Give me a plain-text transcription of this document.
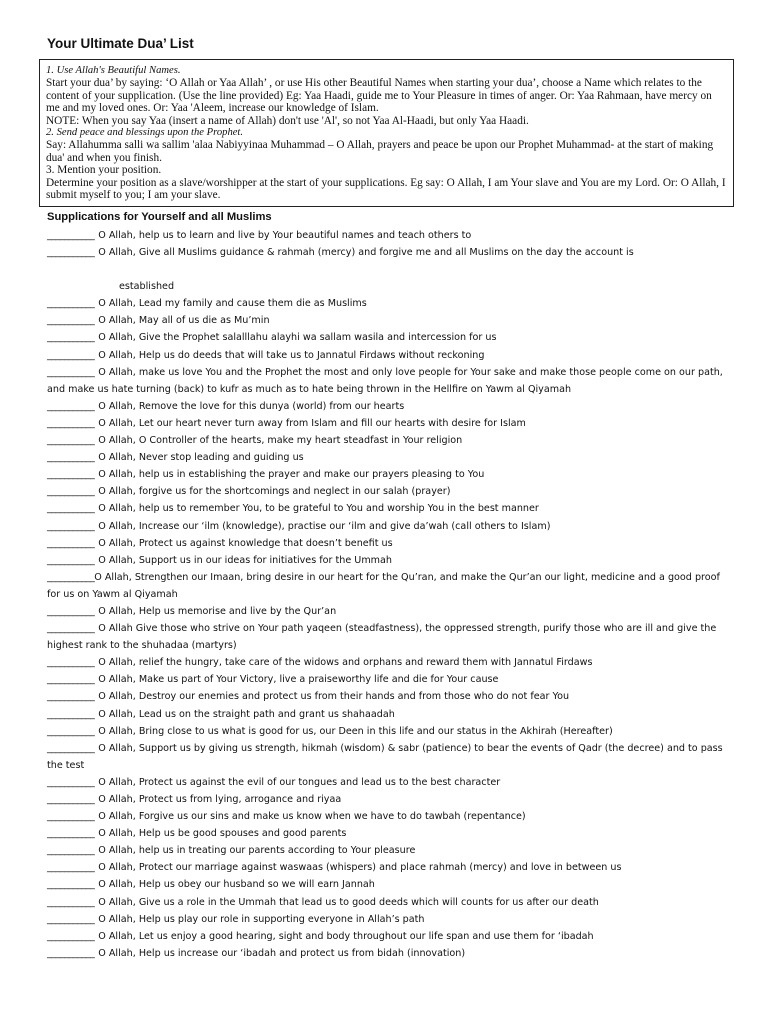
Your Ultimate Dua’ List

1. Use Allah's Beautiful Names.

Start your dua’ by saying: ‘O Allah or Yaa Allah’ , or use His other Beautiful Names when starting your dua’, choose a Name which relates to the content of your supplication. (Use the line provided) Eg: Yaa Haadi, guide me to Your Pleasure in times of anger. Or: Yaa Rahmaan, have mercy on me and my loved ones. Or: Yaa 'Aleem, increase our knowledge of Islam.

NOTE: When you say Yaa (insert a name of Allah) don't use 'Al', so not Yaa Al-Haadi, but only Yaa Haadi.

2. Send peace and blessings upon the Prophet.

Say: Allahumma salli wa sallim 'alaa Nabiyyinaa Muhammad – O Allah, prayers and peace be upon our Prophet Muhammad- at the start of making dua' and when you finish.

3. Mention your position.

Determine your position as a slave/worshipper at the start of your supplications. Eg say: O Allah, I am Your slave and You are my Lord. Or: O Allah, I submit myself to you; I am your slave.

Supplications for Yourself and all Muslims
___________ O Allah, help us to learn and live by Your beautiful names and teach others to
___________ O Allah, Give all Muslims guidance & rahmah (mercy) and forgive me and all Muslims on the day the account is
established
___________ O Allah, Lead my family and cause them die as Muslims
___________ O Allah, May all of us die as Mu’min
___________ O Allah, Give the Prophet salalllahu alayhi wa sallam wasila and intercession for us
___________ O Allah, Help us do deeds that will take us to Jannatul Firdaws without reckoning
___________ O Allah, make us love You and the Prophet the most and only love people for Your sake and make those people come on our path, and make us hate turning (back) to kufr as much as to hate being thrown in the Hellfire on Yawm al Qiyamah
___________ O Allah, Remove the love for this dunya (world) from our hearts
___________ O Allah, Let our heart never turn away from Islam and fill our hearts with desire for Islam
___________ O Allah, O Controller of the hearts, make my heart steadfast in Your religion
___________ O Allah, Never stop leading and guiding us
___________ O Allah, help us in establishing the prayer and make our prayers pleasing to You
___________ O Allah, forgive us for the shortcomings and neglect in our salah (prayer)
___________ O Allah, help us to remember You, to be grateful to You and worship You in the best manner
___________ O Allah, Increase our ‘ilm (knowledge), practise our ‘ilm and give da’wah (call others to Islam)
___________ O Allah, Protect us against knowledge that doesn’t benefit us
___________ O Allah, Support us in our ideas for initiatives for the Ummah
___________O Allah, Strengthen our Imaan, bring desire in our heart for the Qu’ran, and make the Qur’an our light, medicine and a good proof for us on Yawm al Qiyamah
___________ O Allah, Help us memorise and live by the Qur’an
___________ O Allah Give those who strive on Your path yaqeen (steadfastness), the oppressed strength, purify those who are ill and give the highest rank to the shuhadaa (martyrs)
___________ O Allah, relief the hungry, take care of the widows and orphans and reward them with Jannatul Firdaws
___________ O Allah, Make us part of Your Victory, live a praiseworthy life and die for Your cause
___________ O Allah, Destroy our enemies and protect us from their hands and from those who do not fear You
___________ O Allah, Lead us on the straight path and grant us shahaadah
___________ O Allah, Bring close to us what is good for us, our Deen in this life and our status in the Akhirah (Hereafter)
___________ O Allah, Support us by giving us strength, hikmah (wisdom) & sabr (patience) to bear the events of Qadr (the decree) and to pass the test
___________ O Allah, Protect us against the evil of our tongues and lead us to the best character
___________ O Allah, Protect us from lying, arrogance and riyaa
___________ O Allah, Forgive us our sins and make us know when we have to do tawbah (repentance)
___________ O Allah, Help us be good spouses and good parents
___________ O Allah, help us in treating our parents according to Your pleasure
___________ O Allah, Protect our marriage against waswaas (whispers) and place rahmah (mercy) and love in between us
___________ O Allah, Help us obey our husband so we will earn Jannah
___________ O Allah, Give us a role in the Ummah that lead us to good deeds which will counts for us after our death
___________ O Allah, Help us play our role in supporting everyone in Allah’s path
___________ O Allah, Let us enjoy a good hearing, sight and body throughout our life span and use them for ‘ibadah
___________ O Allah, Help us increase our ‘ibadah and protect us from bidah (innovation)
